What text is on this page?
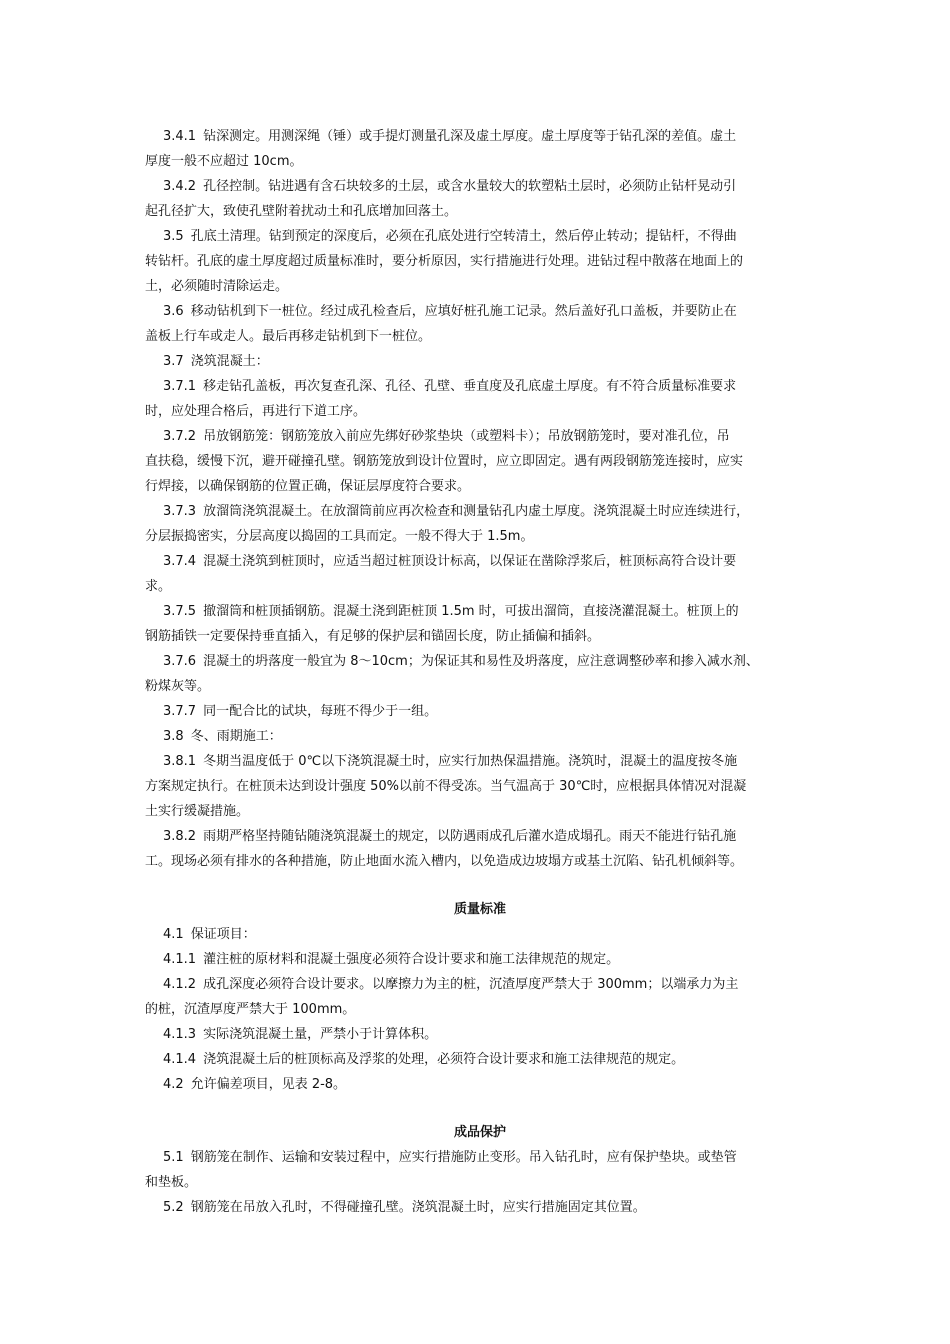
3.4.1 钻深测定。用测深绳（锤）或手提灯测量孔深及虚土厚度。虚土厚度等于钻孔深的差值。虚土

厚度一般不应超过 10cm。

3.4.2 孔径控制。钻进遇有含石块较多的土层，或含水量较大的软塑粘土层时，必须防止钻杆晃动引

起孔径扩大，致使孔壁附着扰动土和孔底增加回落土。

3.5 孔底土清理。钻到预定的深度后，必须在孔底处进行空转清土，然后停止转动；提钻杆，不得曲

转钻杆。孔底的虚土厚度超过质量标准时，要分析原因，实行措施进行处理。进钻过程中散落在地面上的

土，必须随时清除运走。

3.6 移动钻机到下一桩位。经过成孔检查后，应填好桩孔施工记录。然后盖好孔口盖板，并要防止在

盖板上行车或走人。最后再移走钻机到下一桩位。

3.7 浇筑混凝土：

3.7.1 移走钻孔盖板，再次复查孔深、孔径、孔壁、垂直度及孔底虚土厚度。有不符合质量标准要求

时，应处理合格后，再进行下道工序。

3.7.2 吊放钢筋笼：钢筋笼放入前应先绑好砂浆垫块（或塑料卡）；吊放钢筋笼时，要对准孔位，吊

直扶稳，缓慢下沉，避开碰撞孔壁。钢筋笼放到设计位置时，应立即固定。遇有两段钢筋笼连接时，应实

行焊接，以确保钢筋的位置正确，保证层厚度符合要求。

3.7.3 放溜筒浇筑混凝土。在放溜筒前应再次检查和测量钻孔内虚土厚度。浇筑混凝土时应连续进行，

分层振捣密实，分层高度以捣固的工具而定。一般不得大于 1.5m。

3.7.4 混凝土浇筑到桩顶时，应适当超过桩顶设计标高，以保证在凿除浮浆后，桩顶标高符合设计要

求。

3.7.5 撤溜筒和桩顶插钢筋。混凝土浇到距桩顶 1.5m 时，可拔出溜筒，直接浇灌混凝土。桩顶上的

钢筋插铁一定要保持垂直插入，有足够的保护层和锚固长度，防止插偏和插斜。

3.7.6 混凝土的坍落度一般宜为 8～10cm；为保证其和易性及坍落度，应注意调整砂率和掺入减水剂、

粉煤灰等。

3.7.7 同一配合比的试块，每班不得少于一组。

3.8 冬、雨期施工：

3.8.1 冬期当温度低于 0℃以下浇筑混凝土时，应实行加热保温措施。浇筑时，混凝土的温度按冬施

方案规定执行。在桩顶未达到设计强度 50%以前不得受冻。当气温高于 30℃时，应根据具体情况对混凝

土实行缓凝措施。

3.8.2 雨期严格坚持随钻随浇筑混凝土的规定，以防遇雨成孔后灌水造成塌孔。雨天不能进行钻孔施

工。现场必须有排水的各种措施，防止地面水流入槽内，以免造成边坡塌方或基土沉陷、钻孔机倾斜等。

质量标准

4.1 保证项目：

4.1.1 灌注桩的原材料和混凝土强度必须符合设计要求和施工法律规范的规定。

4.1.2 成孔深度必须符合设计要求。以摩擦力为主的桩，沉渣厚度严禁大于 300mm；以端承力为主

的桩，沉渣厚度严禁大于 100mm。

4.1.3 实际浇筑混凝土量，严禁小于计算体积。

4.1.4 浇筑混凝土后的桩顶标高及浮浆的处理，必须符合设计要求和施工法律规范的规定。

4.2 允许偏差项目，见表 2-8。

成品保护

5.1 钢筋笼在制作、运输和安装过程中，应实行措施防止变形。吊入钻孔时，应有保护垫块。或垫管

和垫板。

5.2 钢筋笼在吊放入孔时，不得碰撞孔壁。浇筑混凝土时，应实行措施固定其位置。
